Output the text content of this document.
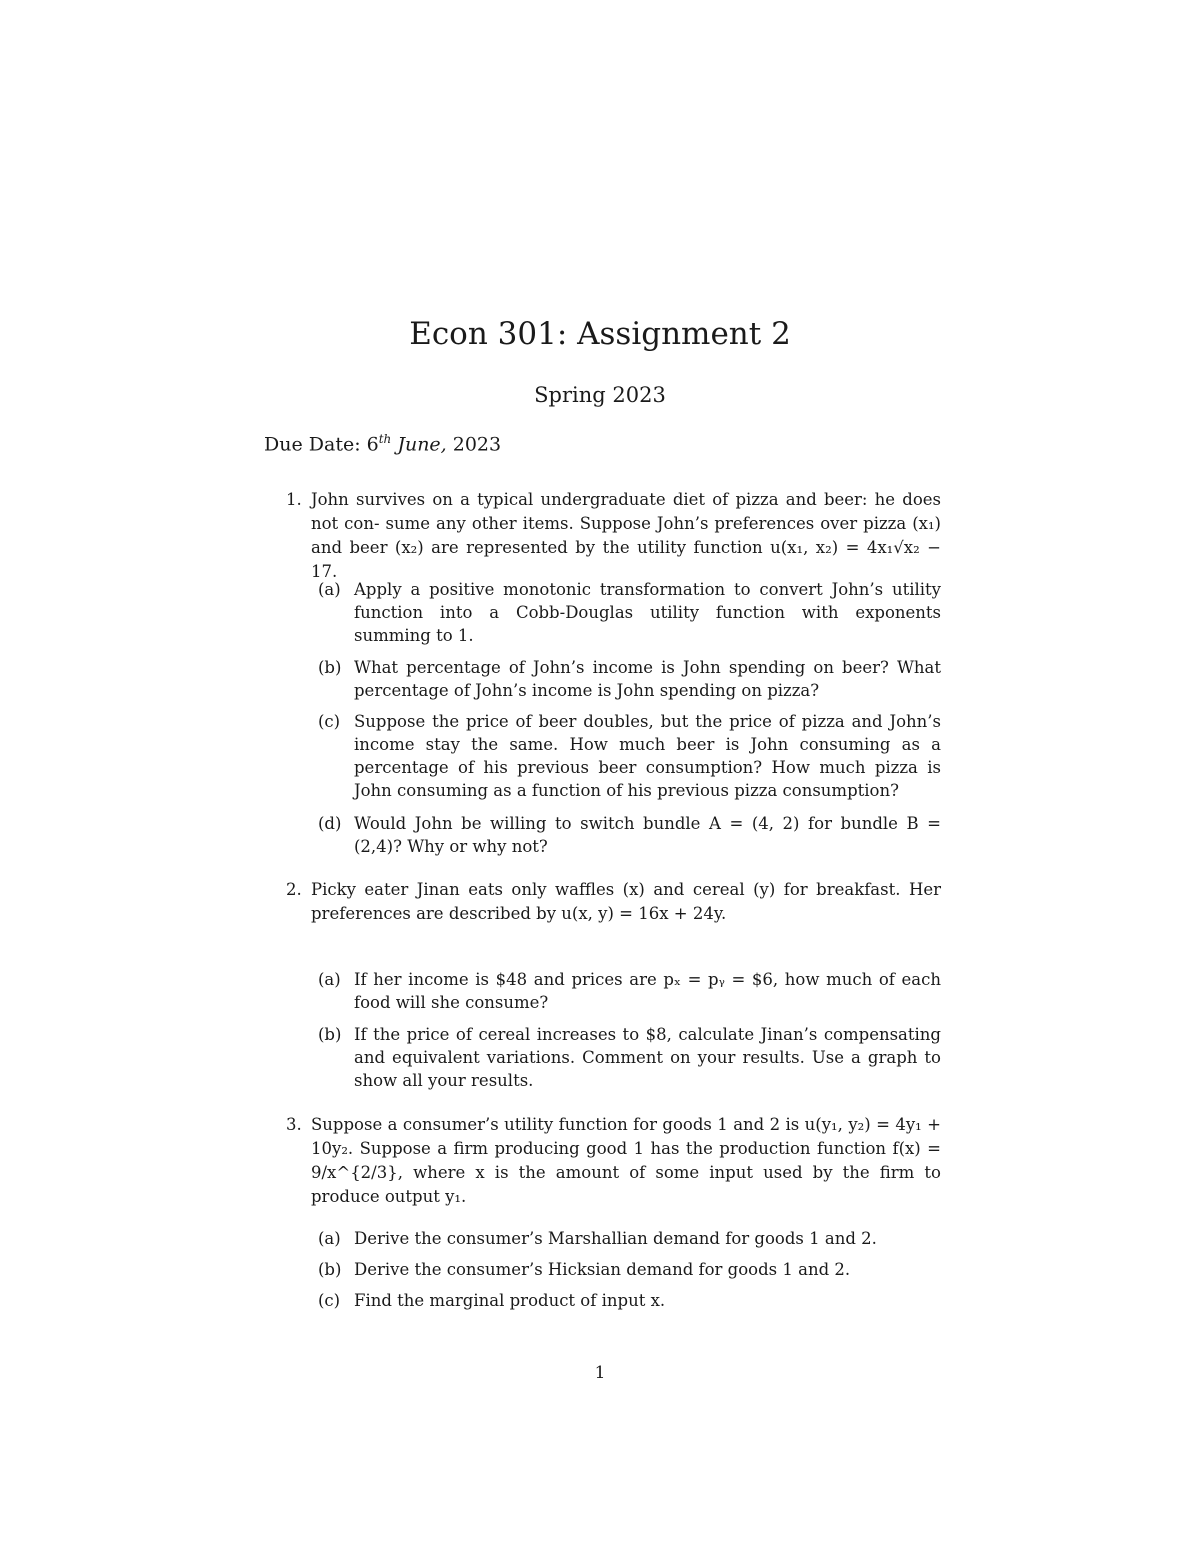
Econ 301: Assignment 2
Spring 2023
Due Date: 6th June, 2023
1. John survives on a typical undergraduate diet of pizza and beer: he does not con- sume any other items. Suppose John’s preferences over pizza (x₁) and beer (x₂) are represented by the utility function u(x₁, x₂) = 4x₁√x₂ − 17.
(a) Apply a positive monotonic transformation to convert John’s utility function into a Cobb-Douglas utility function with exponents summing to 1.
(b) What percentage of John’s income is John spending on beer? What percentage of John’s income is John spending on pizza?
(c) Suppose the price of beer doubles, but the price of pizza and John’s income stay the same. How much beer is John consuming as a percentage of his previous beer consumption? How much pizza is John consuming as a function of his previous pizza consumption?
(d) Would John be willing to switch bundle A = (4, 2) for bundle B = (2,4)? Why or why not?
2. Picky eater Jinan eats only waffles (x) and cereal (y) for breakfast. Her preferences are described by u(x, y) = 16x + 24y.
(a) If her income is $48 and prices are pₓ = pᵧ = $6, how much of each food will she consume?
(b) If the price of cereal increases to $8, calculate Jinan’s compensating and equivalent variations. Comment on your results. Use a graph to show all your results.
3. Suppose a consumer’s utility function for goods 1 and 2 is u(y₁, y₂) = 4y₁ + 10y₂. Suppose a firm producing good 1 has the production function f(x) = 9/x^{2/3}, where x is the amount of some input used by the firm to produce output y₁.
(a) Derive the consumer’s Marshallian demand for goods 1 and 2.
(b) Derive the consumer’s Hicksian demand for goods 1 and 2.
(c) Find the marginal product of input x.
1
